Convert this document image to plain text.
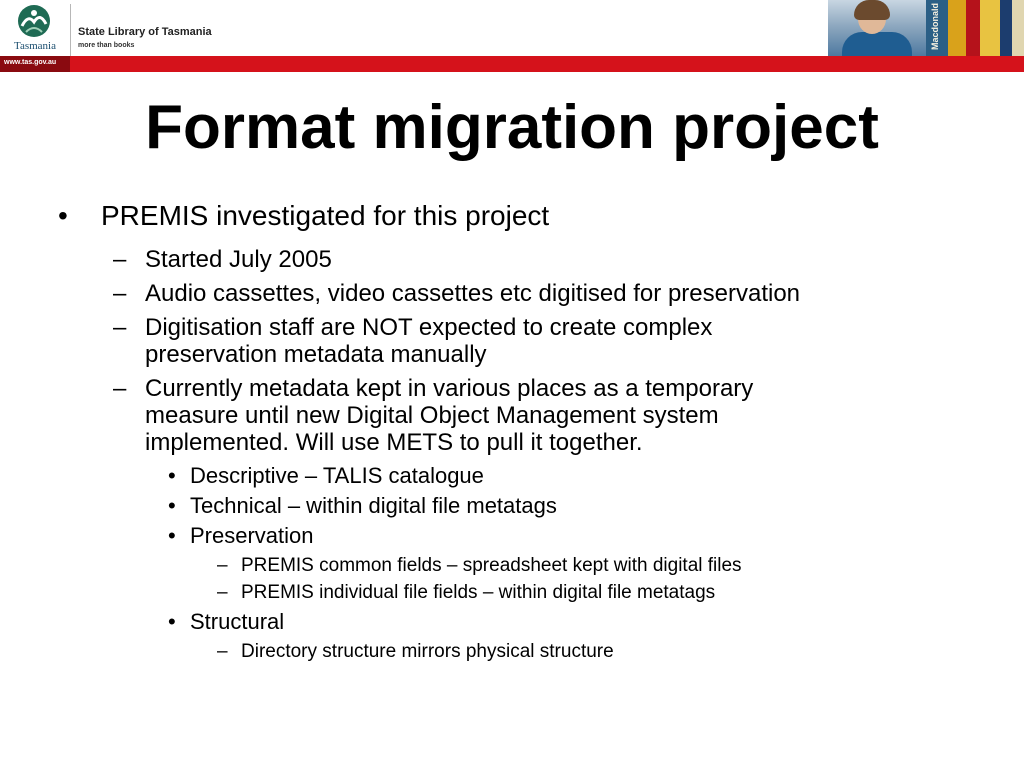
Tasmania
State Library of Tasmania
more than books	Macdonald
www.tas.gov.au
Format migration project
• PREMIS investigated for this project
– Started July 2005
– Audio cassettes, video cassettes etc digitised for preservation
– Digitisation staff are NOT expected to create complex
preservation metadata manually
– Currently metadata kept in various places as a temporary
measure until new Digital Object Management system
implemented. Will use METS to pull it together.
• Descriptive – TALIS catalogue
• Technical – within digital file metatags
• Preservation
– PREMIS common fields – spreadsheet kept with digital files
– PREMIS individual file fields – within digital file metatags
• Structural
– Directory structure mirrors physical structure
